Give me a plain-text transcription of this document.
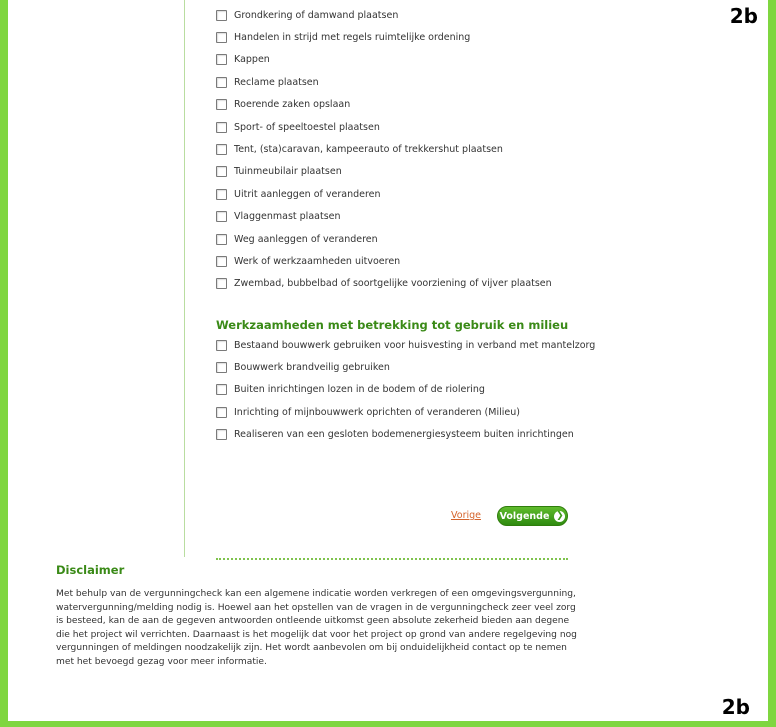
2b
Grondkering of damwand plaatsen
Handelen in strijd met regels ruimtelijke ordening
Kappen
Reclame plaatsen
Roerende zaken opslaan
Sport- of speeltoestel plaatsen
Tent, (sta)caravan, kampeerauto of trekkershut plaatsen
Tuinmeubilair plaatsen
Uitrit aanleggen of veranderen
Vlaggenmast plaatsen
Weg aanleggen of veranderen
Werk of werkzaamheden uitvoeren
Zwembad, bubbelbad of soortgelijke voorziening of vijver plaatsen
Werkzaamheden met betrekking tot gebruik en milieu
Bestaand bouwwerk gebruiken voor huisvesting in verband met mantelzorg
Bouwwerk brandveilig gebruiken
Buiten inrichtingen lozen in de bodem of de riolering
Inrichting of mijnbouwwerk oprichten of veranderen (Milieu)
Realiseren van een gesloten bodemenergiesysteem buiten inrichtingen
Vorige Volgende ❯
Disclaimer
Met behulp van de vergunningcheck kan een algemene indicatie worden verkregen of een omgevingsvergunning, watervergunning/melding nodig is. Hoewel aan het opstellen van de vragen in de vergunningcheck zeer veel zorg is besteed, kan de aan de gegeven antwoorden ontleende uitkomst geen absolute zekerheid bieden aan degene die het project wil verrichten. Daarnaast is het mogelijk dat voor het project op grond van andere regelgeving nog vergunningen of meldingen noodzakelijk zijn. Het wordt aanbevolen om bij onduidelijkheid contact op te nemen met het bevoegd gezag voor meer informatie.
2b
